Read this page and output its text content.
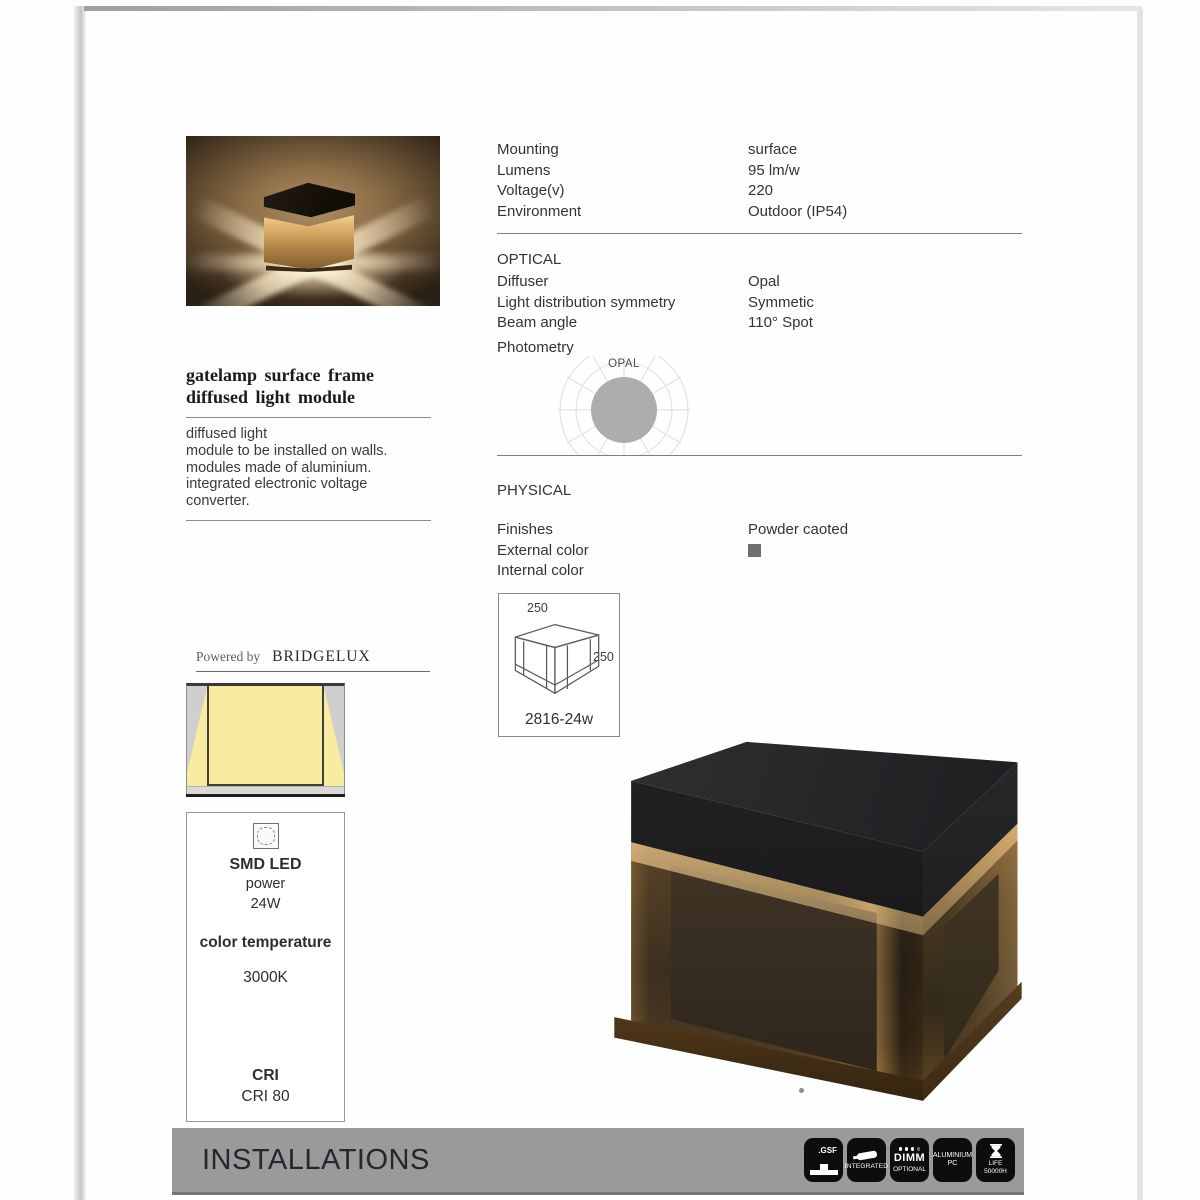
Mounting	surface
Lumens	95 lm/w
Voltage(v)	220
Environment	Outdoor (IP54)
OPTICAL
Diffuser	Opal
Light distribution symmetry	Symmetic
Beam angle	110° Spot
Photometry
OPAL
PHYSICAL
Finishes	Powder caoted
External color
Internal color
250
250
2816-24w
gatelamp surface frame
diffused light module
diffused light
module to be installed on walls.
modules made of aluminium.
integrated electronic voltage
converter.
Powered by BRIDGELUX
SMD LED
power
24W
color temperature
3000K
CRI
CRI 80
INSTALLATIONS	.GSF
INTEGRATED
DIMM
OPTIONAL
ALUMINIUM
PC	LIFE
50000H
